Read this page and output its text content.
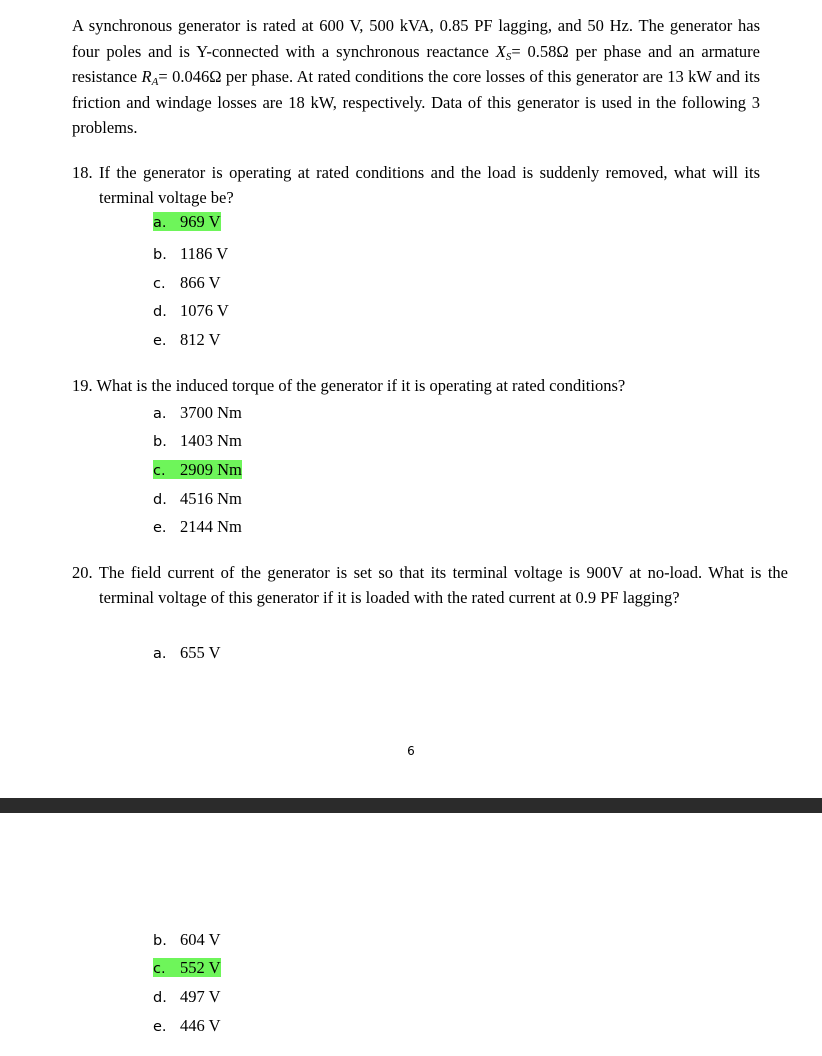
A synchronous generator is rated at 600 V, 500 kVA, 0.85 PF lagging, and 50 Hz. The generator has four poles and is Y-connected with a synchronous reactance $X_S= 0.58\Omega$ per phase and an armature resistance $R_A= 0.046\Omega$ per phase. At rated conditions the core losses of this generator are 13 kW and its friction and windage losses are 18 kW, respectively. Data of this generator is used in the following 3 problems.

18. If the generator is operating at rated conditions and the load is suddenly removed, what will its terminal voltage be?
a. 969 V
b. 1186 V
c. 866 V
d. 1076 V
e. 812 V
19. What is the induced torque of the generator if it is operating at rated conditions?
a. 3700 Nm
b. 1403 Nm
c. 2909 Nm
d. 4516 Nm
e. 2144 Nm
20. The field current of the generator is set so that its terminal voltage is 900V at no-load. What is the terminal voltage of this generator if it is loaded with the rated current at 0.9 PF lagging?
a. 655 V
6
b. 604 V
c. 552 V
d. 497 V
e. 446 V
